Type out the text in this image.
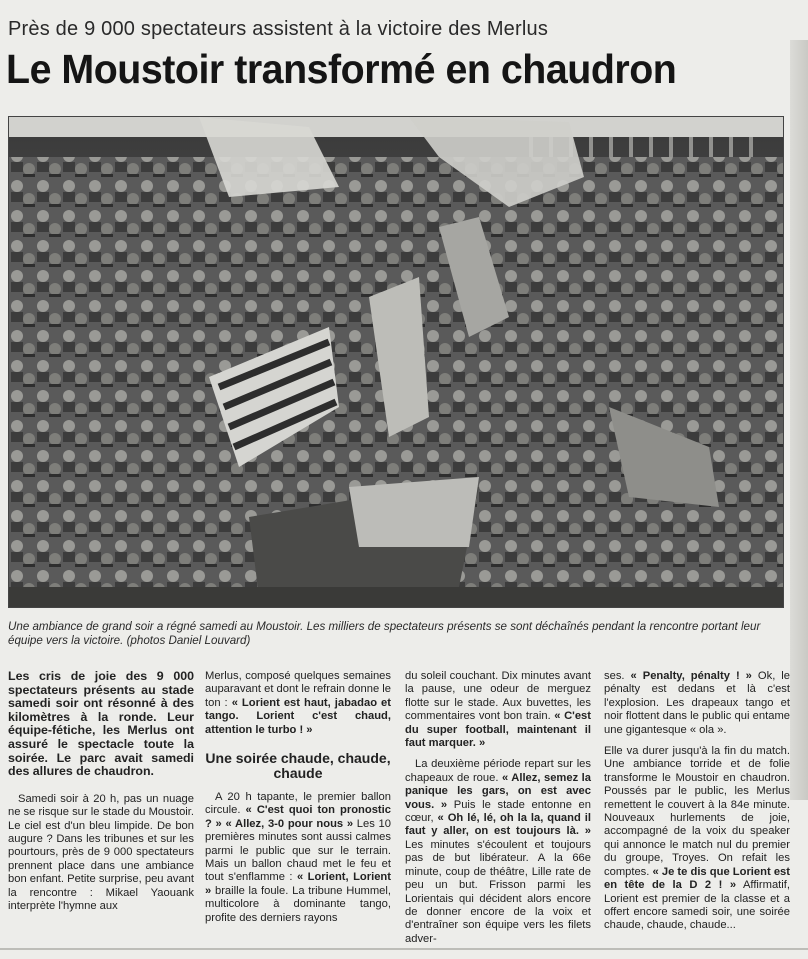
Près de 9 000 spectateurs assistent à la victoire des Merlus
Le Moustoir transformé en chaudron
Une ambiance de grand soir a régné samedi au Moustoir. Les milliers de spectateurs présents se sont déchaînés pendant la rencontre portant leur équipe vers la victoire. (photos Daniel Louvard)

Les cris de joie des 9 000 spectateurs présents au stade samedi soir ont résonné à des kilomètres à la ronde. Leur équipe-fétiche, les Merlus ont assuré le spectacle toute la soirée. Le parc avait samedi des allures de chaudron.

Samedi soir à 20 h, pas un nuage ne se risque sur le stade du Moustoir. Le ciel est d'un bleu limpide. De bon augure ? Dans les tribunes et sur les pourtours, près de 9 000 spectateurs prennent place dans une ambiance bon enfant. Petite surprise, peu avant la rencontre : Mikael Yaouank interprète l'hymne aux

Merlus, composé quelques semaines auparavant et dont le refrain donne le ton : « Lorient est haut, jabadao et tango. Lorient c'est chaud, attention le turbo ! »

Une soirée chaude, chaude, chaude

A 20 h tapante, le premier ballon circule. « C'est quoi ton pronostic ? » « Allez, 3-0 pour nous » Les 10 premières minutes sont aussi calmes parmi le public que sur le terrain. Mais un ballon chaud met le feu et tout s'enflamme : « Lorient, Lorient » braille la foule. La tribune Hummel, multicolore à dominante tango, profite des derniers rayons

du soleil couchant. Dix minutes avant la pause, une odeur de merguez flotte sur le stade. Aux buvettes, les commentaires vont bon train. « C'est du super football, maintenant il faut marquer. »

La deuxième période repart sur les chapeaux de roue. « Allez, semez la panique les gars, on est avec vous. » Puis le stade entonne en cœur, « Oh lé, lé, oh la la, quand il faut y aller, on est toujours là. » Les minutes s'écoulent et toujours pas de but libérateur. A la 66e minute, coup de théâtre, Lille rate de peu un but. Frisson parmi les Lorientais qui décident alors encore de donner encore de la voix et d'entraîner son équipe vers les filets adver-

ses. « Penalty, pénalty ! » Ok, le pénalty est dedans et là c'est l'explosion. Les drapeaux tango et noir flottent dans le public qui entame une gigantesque « ola ».

Elle va durer jusqu'à la fin du match. Une ambiance torride et de folie transforme le Moustoir en chaudron. Poussés par le public, les Merlus remettent le couvert à la 84e minute. Nouveaux hurlements de joie, accompagné de la voix du speaker qui annonce le match nul du premier du groupe, Troyes. On refait les comptes. « Je te dis que Lorient est en tête de la D 2 ! » Affirmatif, Lorient est premier de la classe et a offert encore samedi soir, une soirée chaude, chaude, chaude...
